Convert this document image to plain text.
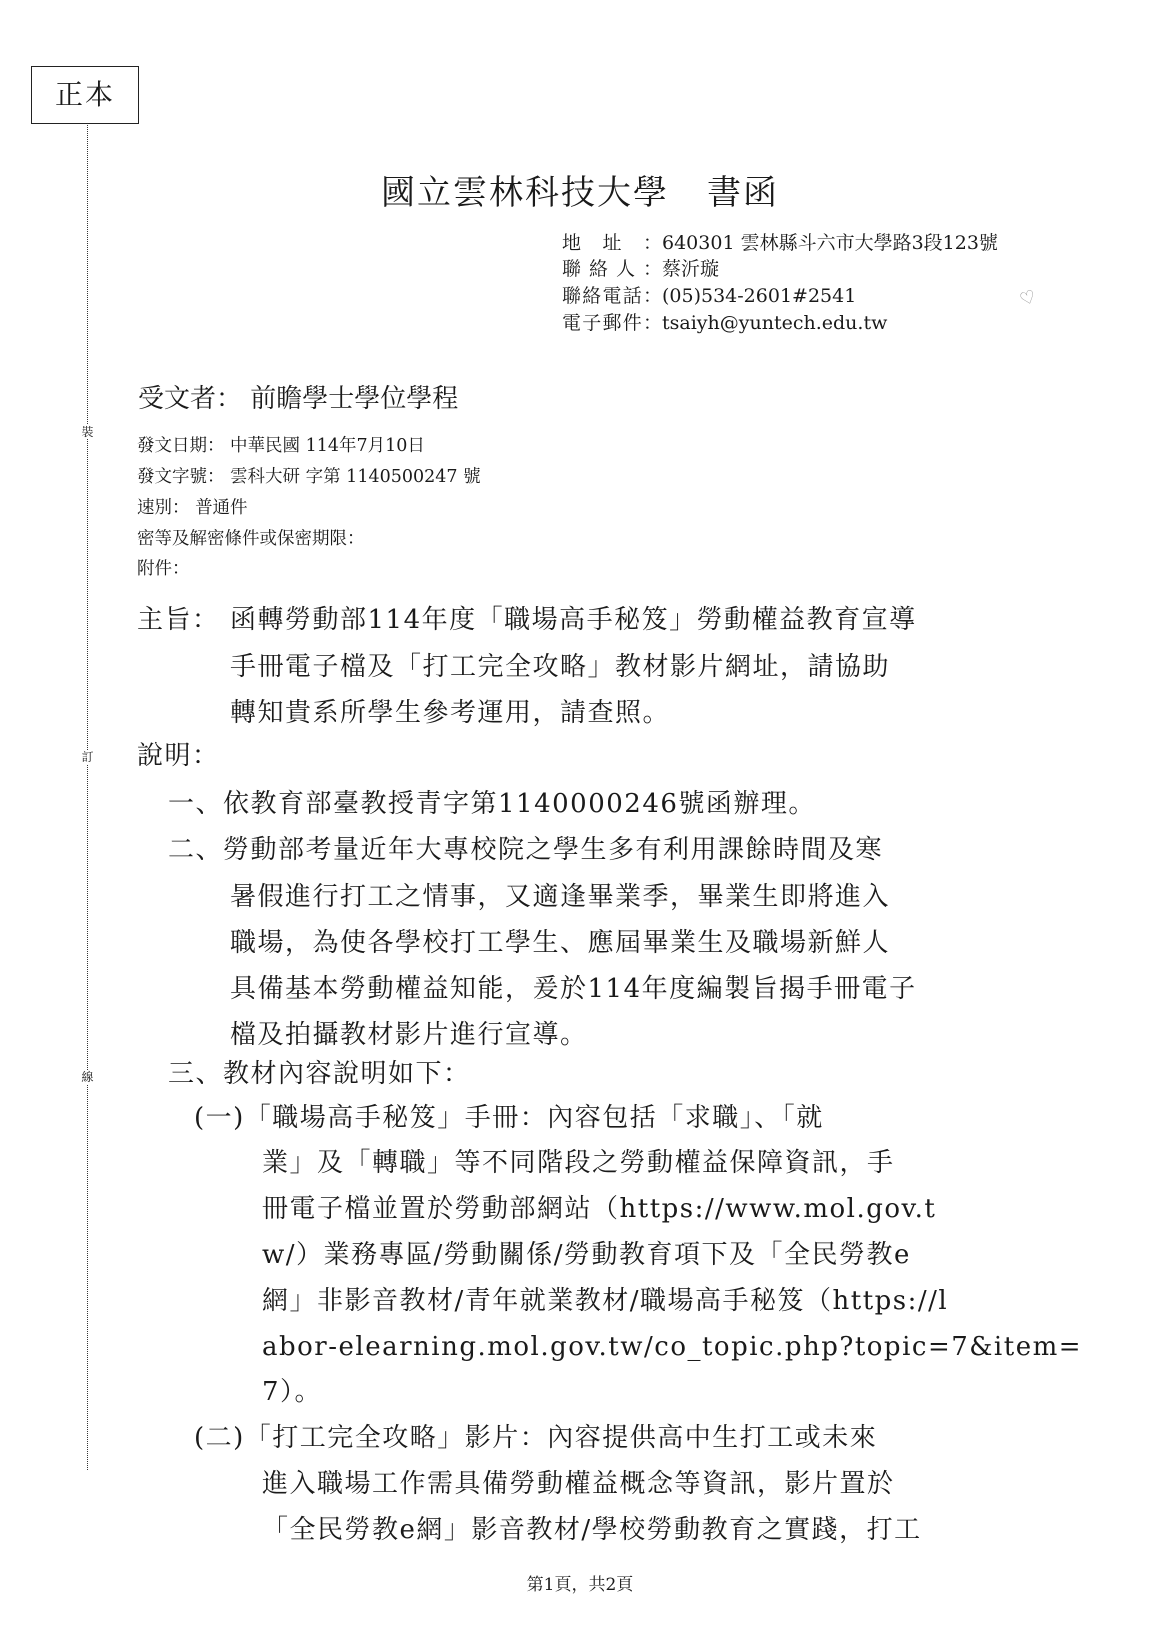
正本
裝
訂
線
國立雲林科技大學 書函
♡
地址：640301 雲林縣斗六市大學路3段123號
聯絡人：蔡沂璇
聯絡電話：(05)534-2601#2541
電子郵件：tsaiyh@yuntech.edu.tw
受文者： 前瞻學士學位學程
發文日期： 中華民國 114年7月10日
發文字號： 雲科大研 字第 1140500247 號
速別： 普通件
密等及解密條件或保密期限：
附件：
主旨： 函轉勞動部114年度「職場高手秘笈」勞動權益教育宣導
手冊電子檔及「打工完全攻略」教材影片網址，請協助
轉知貴系所學生參考運用，請查照。
說明：
一、依教育部臺教授青字第1140000246號函辦理。
二、勞動部考量近年大專校院之學生多有利用課餘時間及寒
暑假進行打工之情事，又適逢畢業季，畢業生即將進入
職場，為使各學校打工學生、應屆畢業生及職場新鮮人
具備基本勞動權益知能，爰於114年度編製旨揭手冊電子
檔及拍攝教材影片進行宣導。
三、教材內容說明如下：
(一)「職場高手秘笈」手冊：內容包括「求職」、「就
業」及「轉職」等不同階段之勞動權益保障資訊，手
冊電子檔並置於勞動部網站（https://www.mol.gov.t
w/）業務專區/勞動關係/勞動教育項下及「全民勞教e
網」非影音教材/青年就業教材/職場高手秘笈（https://l
abor-elearning.mol.gov.tw/co_topic.php?topic=7&item=
7）。
(二)「打工完全攻略」影片：內容提供高中生打工或未來
進入職場工作需具備勞動權益概念等資訊，影片置於
「全民勞教e網」影音教材/學校勞動教育之實踐，打工
第1頁，共2頁
